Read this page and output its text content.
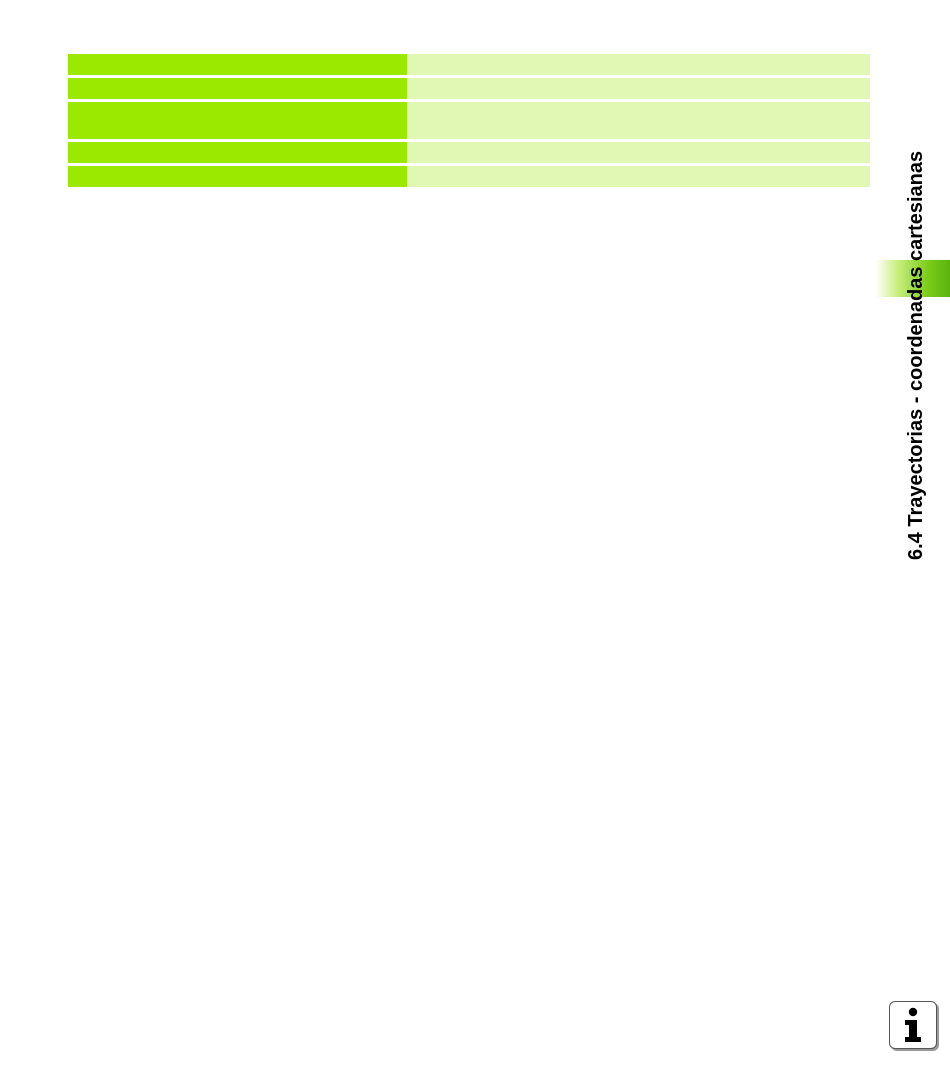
6.4 Trayectorias - coordenadas cartesianas
